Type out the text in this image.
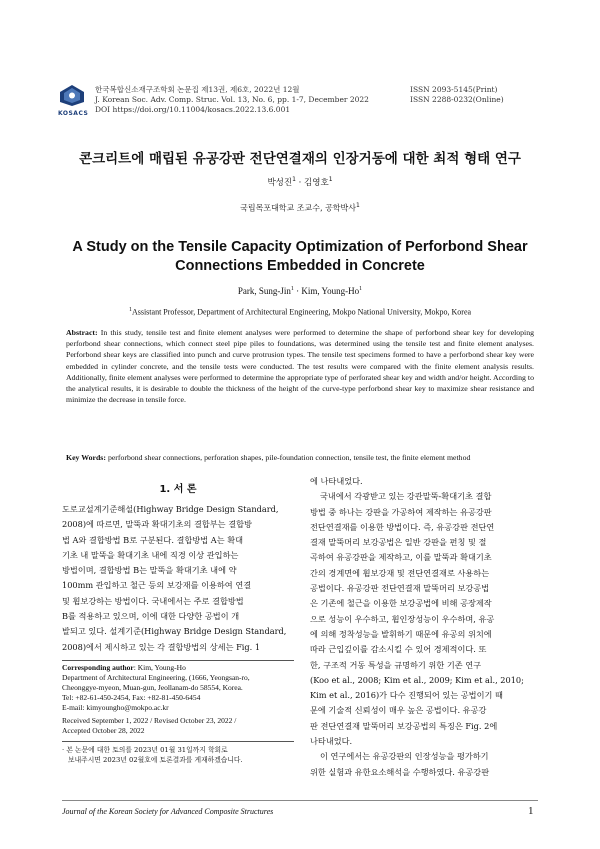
KOSACS
한국복합신소재구조학회 논문집 제13권, 제6호, 2022년 12월
J. Korean Soc. Adv. Comp. Struc. Vol. 13, No. 6, pp. 1-7, December 2022
DOI https://doi.org/10.11004/kosacs.2022.13.6.001
ISSN 2093-5145(Print)
ISSN 2288-0232(Online)
콘크리트에 매립된 유공강판 전단연결재의 인장거동에 대한 최적 형태 연구
박성진$^1$ · 김영호$^1$
국립목포대학교 조교수, 공학박사$^1$
A Study on the Tensile Capacity Optimization of Perforbond Shear
Connections Embedded in Concrete
Park, Sung-Jin$^1$ · Kim, Young-Ho$^1$
$^1$Assistant Professor, Department of Architectural Engineering, Mokpo National University, Mokpo, Korea
Abstract: In this study, tensile test and finite element analyses were performed to determine the shape of perforbond shear key for developing perforbond shear connections, which connect steel pipe piles to foundations, was determined using the tensile test and finite element analyses. Perforbond shear keys are classified into punch and curve protrusion types. The tensile test specimens formed to have a perforbond shear key were embedded in cylinder concrete, and the tensile tests were conducted. The test results were compared with the finite element analysis results. Additionally, finite element analyses were performed to determine the appropriate type of perforated shear key and width and/or height. According to the analytical results, it is desirable to double the thickness of the height of the curve-type perforbond shear key to maximize shear resistance and minimize the decrease in tensile force.
Key Words: perforbond shear connections, perforation shapes, pile-foundation connection, tensile test, the finite element method
1. 서 론
도로교설계기준해설(Highway Bridge Design Standard,
2008)에 따르면, 말뚝과 확대기초의 결합부는 결합방
법 A와 결합방법 B로 구분된다. 결합방법 A는 확대
기초 내 말뚝을 확대기초 내에 직경 이상 관입하는
방법이며, 결합방법 B는 말뚝을 확대기초 내에 약
100mm 관입하고 철근 등의 보강재를 이용하여 연결
및 휨보강하는 방법이다. 국내에서는 주로 결합방법
B를 적용하고 있으며, 이에 대한 다양한 공법이 개
발되고 있다. 설계기준(Highway Bridge Design Standard,
2008)에서 제시하고 있는 각 결합방법의 상세는 Fig. 1
에 나타내었다.
국내에서 각광받고 있는 강관말뚝-확대기초 결합
방법 중 하나는 강판을 가공하여 제작하는 유공강판
전단연결재를 이용한 방법이다. 즉, 유공강판 전단연
결재 말뚝머리 보강공법은 일반 강판을 펀칭 및 절
곡하여 유공강판을 제작하고, 이를 말뚝과 확대기초
간의 경계면에 휨보강재 및 전단연결재로 사용하는
공법이다. 유공강판 전단연결재 말뚝머리 보강공법
은 기존에 철근을 이용한 보강공법에 비해 공장제작
으로 성능이 우수하고, 휨인장성능이 우수하며, 유공
에 의해 정착성능을 발휘하기 때문에 유공의 위치에
따라 근입깊이를 감소시킬 수 있어 경제적이다. 또
한, 구조적 거동 특성을 규명하기 위한 기존 연구
(Koo et al., 2008; Kim et al., 2009; Kim et al., 2010;
Kim et al., 2016)가 다수 진행되어 있는 공법이기 때
문에 기술적 신뢰성이 매우 높은 공법이다. 유공강
판 전단연결재 말뚝머리 보강공법의 특징은 Fig. 2에
나타내었다.
이 연구에서는 유공강판의 인장성능을 평가하기
위한 실험과 유한요소해석을 수행하였다. 유공강판
Corresponding author: Kim, Young-Ho
Department of Architectural Engineering, (1666, Yeongsan-ro,
Cheonggye-myeon, Muan-gun, Jeollanam-do 58554, Korea.
Tel: +82-61-450-2454, Fax: +82-81-450-6454
E-mail: kimyoungho@mokpo.ac.kr
Received September 1, 2022 / Revised October 23, 2022 /
Accepted October 28, 2022
· 본 논문에 대한 토의를 2023년 01월 31일까지 학회로
보내주시면 2023년 02월호에 토론결과를 게재하겠습니다.
Journal of the Korean Society for Advanced Composite Structures	1
